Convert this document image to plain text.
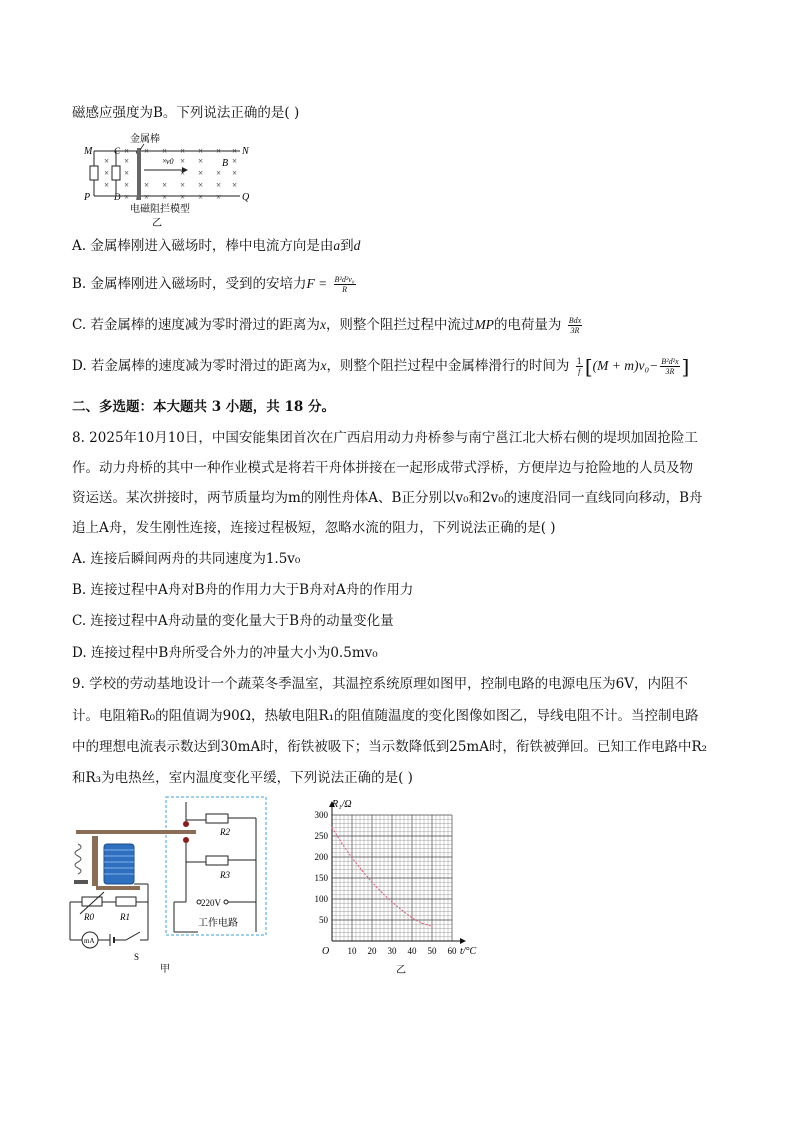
磁感应强度为B。下列说法正确的是( )
金属棒
M	N
P	Q
C
D
v0	B
×
×
×
×
×
×
×
×
×
×
×
×
×
×
×
×
×
×
×
×
×
×
×
×
×
×
×
×
×
×
×
×
×
电磁阻拦模型
乙
A. 金属棒刚进入磁场时，棒中电流方向是由a到d
B. 金属棒刚进入磁场时，受到的安培力$F = \frac{\text{B²d²v₀}}{R}$
C. 若金属棒的速度减为零时滑过的距离为x，则整个阻拦过程中流过MP的电荷量为 $\frac{\text{Bdx}}{3R}$
D. 若金属棒的速度减为零时滑过的距离为x，则整个阻拦过程中金属棒滑行的时间为 $\frac{1}{f} [(M + m)v_0- \frac{\text{B²d²x}}{3R}$ ]
二、多选题：本大题共 3 小题，共 18 分。
8. 2025年10月10日，中国安能集团首次在广西启用动力舟桥参与南宁邕江北大桥右侧的堤坝加固抢险工
作。动力舟桥的其中一种作业模式是将若干舟体拼接在一起形成带式浮桥，方便岸边与抢险地的人员及物
资运送。某次拼接时，两节质量均为m的刚性舟体A、B正分别以v₀和2v₀的速度沿同一直线同向移动，B舟
追上A舟，发生刚性连接，连接过程极短，忽略水流的阻力，下列说法正确的是( )
A. 连接后瞬间两舟的共同速度为1.5v₀
B. 连接过程中A舟对B舟的作用力大于B舟对A舟的作用力
C. 连接过程中A舟动量的变化量大于B舟的动量变化量
D. 连接过程中B舟所受合外力的冲量大小为0.5mv₀
9. 学校的劳动基地设计一个蔬菜冬季温室，其温控系统原理如图甲，控制电路的电源电压为6V，内阻不
计。电阻箱R₀的阻值调为90Ω，热敏电阻R₁的阻值随温度的变化图像如图乙，导线电阻不计。当控制电路
中的理想电流表示数达到30mA时，衔铁被吸下；当示数降低到25mA时，衔铁被弹回。已知工作电路中R₂
和R₃为电热丝，室内温度变化平缓，下列说法正确的是( )
R2
R3
220V
工作电路
R0	R1
mA
S
甲
10 20 30 40 50 60
50
100
150
200
250
300
R₁/Ω
t/°C
O
乙
